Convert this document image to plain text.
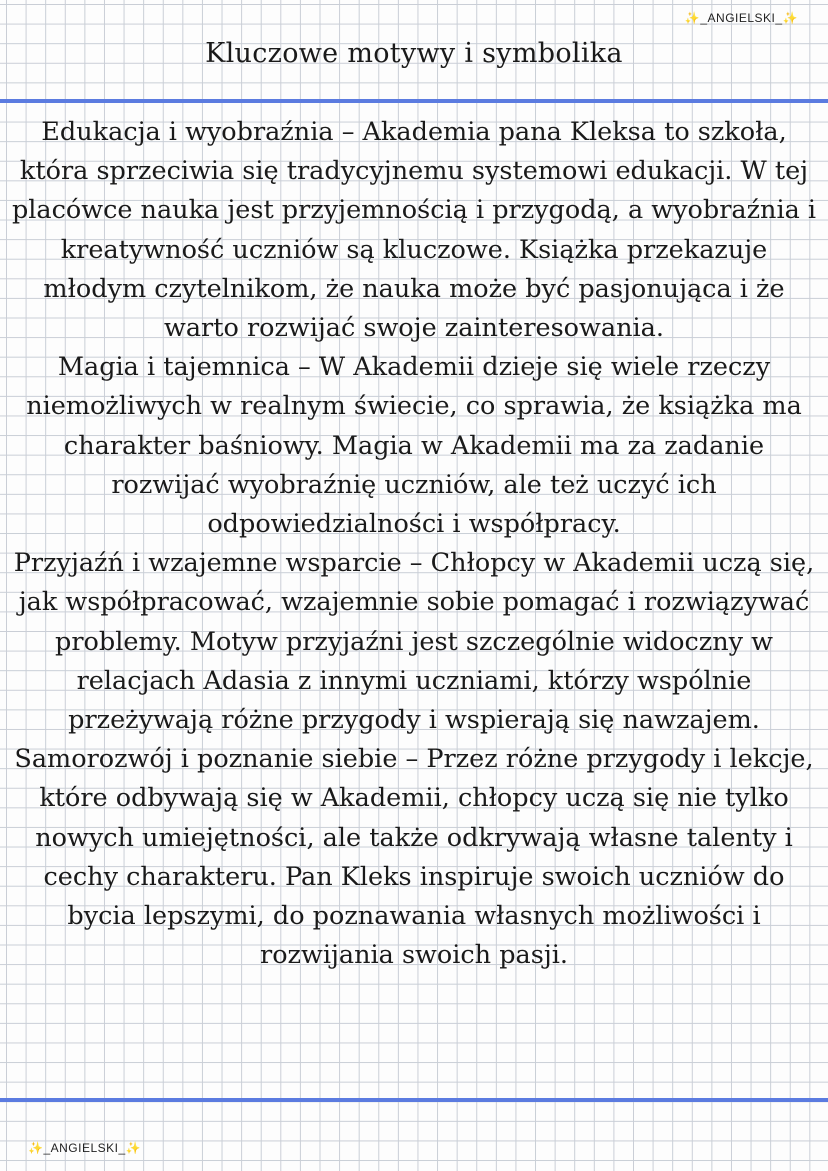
✨_ANGIELSKI_✨
Kluczowe motywy i symbolika

Edukacja i wyobraźnia – Akademia pana Kleksa to szkoła, która sprzeciwia się tradycyjnemu systemowi edukacji. W tej placówce nauka jest przyjemnością i przygodą, a wyobraźnia i kreatywność uczniów są kluczowe. Książka przekazuje młodym czytelnikom, że nauka może być pasjonująca i że warto rozwijać swoje zainteresowania.

Magia i tajemnica – W Akademii dzieje się wiele rzeczy niemożliwych w realnym świecie, co sprawia, że książka ma charakter baśniowy. Magia w Akademii ma za zadanie rozwijać wyobraźnię uczniów, ale też uczyć ich odpowiedzialności i współpracy.

Przyjaźń i wzajemne wsparcie – Chłopcy w Akademii uczą się, jak współpracować, wzajemnie sobie pomagać i rozwiązywać problemy. Motyw przyjaźni jest szczególnie widoczny w relacjach Adasia z innymi uczniami, którzy wspólnie przeżywają różne przygody i wspierają się nawzajem.

Samorozwój i poznanie siebie – Przez różne przygody i lekcje, które odbywają się w Akademii, chłopcy uczą się nie tylko nowych umiejętności, ale także odkrywają własne talenty i cechy charakteru. Pan Kleks inspiruje swoich uczniów do bycia lepszymi, do poznawania własnych możliwości i rozwijania swoich pasji.

✨_ANGIELSKI_✨
